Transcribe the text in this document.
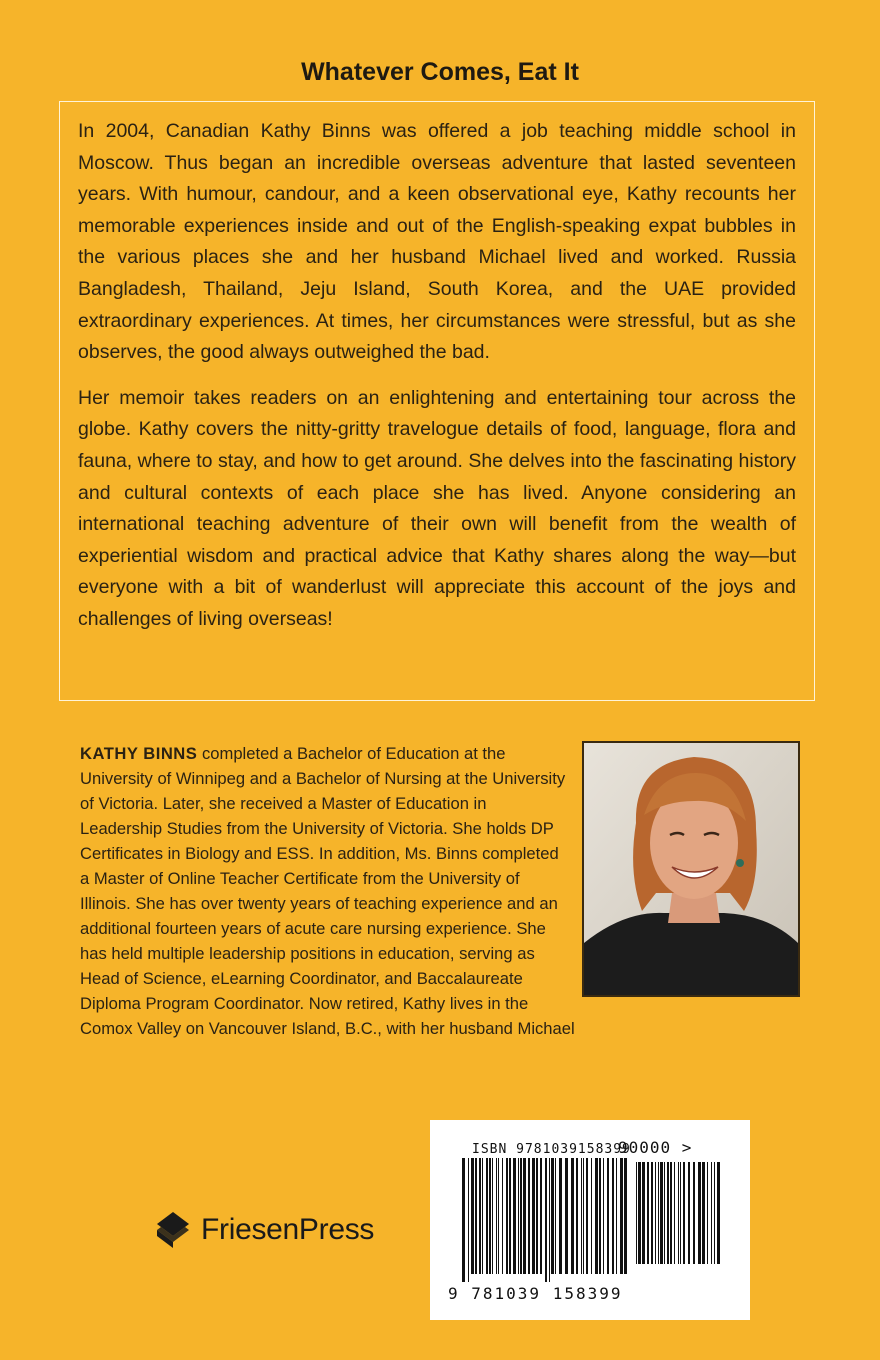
Whatever Comes, Eat It

In 2004, Canadian Kathy Binns was offered a job teaching middle school in Moscow. Thus began an incredible overseas adventure that lasted seventeen years. With humour, candour, and a keen observational eye, Kathy recounts her memorable experiences inside and out of the English-speaking expat bubbles in the various places she and her husband Michael lived and worked. Russia Bangladesh, Thailand, Jeju Island, South Korea, and the UAE provided extraordinary experiences. At times, her circumstances were stressful, but as she observes, the good always outweighed the bad.

Her memoir takes readers on an enlightening and entertaining tour across the globe. Kathy covers the nitty-gritty travelogue details of food, language, flora and fauna, where to stay, and how to get around. She delves into the fascinating history and cultural contexts of each place she has lived. Anyone considering an international teaching adventure of their own will benefit from the wealth of experiential wisdom and practical advice that Kathy shares along the way—but everyone with a bit of wanderlust will appreciate this account of the joys and challenges of living overseas!

KATHY BINNS completed a Bachelor of Education at the University of Winnipeg and a Bachelor of Nursing at the University of Victoria. Later, she received a Master of Education in Leadership Studies from the University of Victoria. She holds DP Certificates in Biology and ESS. In addition, Ms. Binns completed a Master of Online Teacher Certificate from the University of Illinois. She has over twenty years of teaching experience and an additional fourteen years of acute care nursing experience. She has held multiple leadership positions in education, serving as Head of Science, eLearning Coordinator, and Baccalaureate Diploma Program Coordinator. Now retired, Kathy lives in the Comox Valley on Vancouver Island, B.C., with her husband Michael
FriesenPress
ISBN 9781039158399
90000 >
9 781039 158399
